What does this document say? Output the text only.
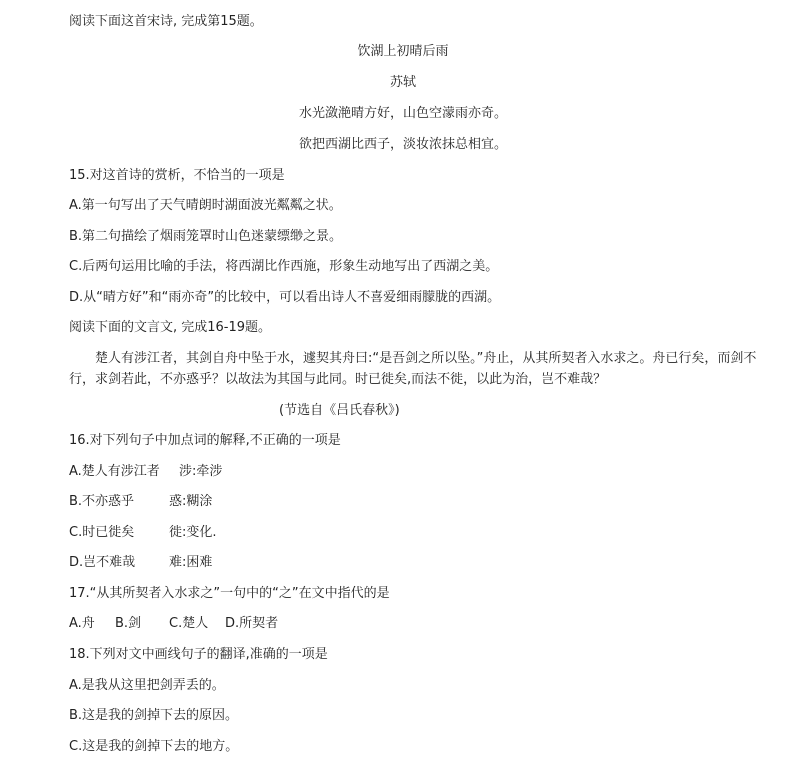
阅读下面这首宋诗, 完成第15题。
饮湖上初晴后雨
苏轼
水光潋滟晴方好，山色空濛雨亦奇。
欲把西湖比西子，淡妆浓抹总相宜。
15.对这首诗的赏析，不恰当的一项是
A.第一句写出了天气晴朗时湖面波光粼粼之状。
B.第二句描绘了烟雨笼罩时山色迷蒙缥缈之景。
C.后两句运用比喻的手法，将西湖比作西施，形象生动地写出了西湖之美。
D.从“晴方好”和“雨亦奇”的比较中，可以看出诗人不喜爱细雨朦胧的西湖。
阅读下面的文言文, 完成16-19题。
楚人有涉江者，其剑自舟中坠于水，遽契其舟曰:“是吾剑之所以坠。”舟止，从其所契者入水求之。舟已行矣，而剑不
行，求剑若此，不亦惑乎？以故法为其国与此同。时已徙矣,而法不徙，以此为治，岂不难哉？
(节选自《吕氏春秋》)
16.对下列句子中加点词的解释,不正确的一项是
A.楚人有涉江者 涉:牵涉
B.不亦惑乎	惑:糊涂
C.时已徙矣	徙:变化.
D.岂不难哉	难:困难
17.“从其所契者入水求之”一句中的“之”在文中指代的是
A.舟 B.剑 C.楚人 D.所契者
18.下列对文中画线句子的翻译,准确的一项是
A.是我从这里把剑弄丢的。
B.这是我的剑掉下去的原因。
C.这是我的剑掉下去的地方。
